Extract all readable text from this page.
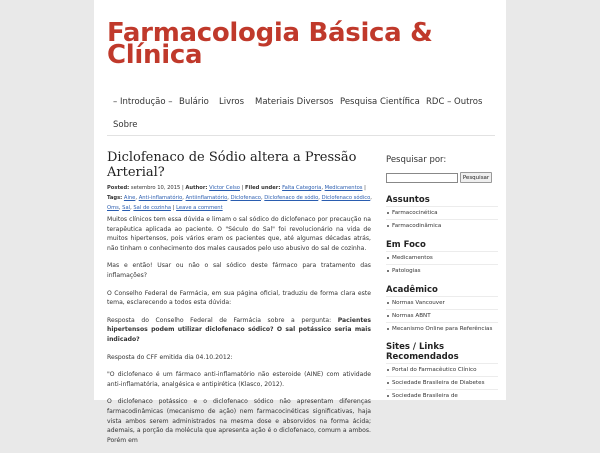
Farmacologia Básica &
Clínica
– Introdução – Bulário Livros Materiais Diversos Pesquisa Científica RDC – Outros
Sobre
Diclofenaco de Sódio altera a Pressão Arterial?
Posted: setembro 10, 2015 | Author: Victor Celso | Filed under: Falta Categoria, Medicamentos | Tags: Aine, Anti-inflamatório, Antiinflamatório, Diclofenaco, Diclofenaco de sódio, Diclofenaco sódico, Oms, Sal, Sal de cozinha | Leave a comment

Muitos clínicos tem essa dúvida e limam o sal sódico do diclofenaco por precaução na terapêutica aplicada ao paciente. O "Século do Sal" foi revolucionário na vida de muitos hipertensos, pois vários eram os pacientes que, até algumas décadas atrás, não tinham o conhecimento dos males causados pelo uso abusivo do sal de cozinha.

Mas e então! Usar ou não o sal sódico deste fármaco para tratamento das inflamações?

O Conselho Federal de Farmácia, em sua página oficial, traduziu de forma clara este tema, esclarecendo a todos esta dúvida:

Resposta do Conselho Federal de Farmácia sobre a pergunta: Pacientes hipertensos podem utilizar diclofenaco sódico? O sal potássico seria mais indicado?

Resposta do CFF emitida dia 04.10.2012:

"O diclofenaco é um fármaco anti-inflamatório não esteroide (AINE) com atividade anti-inflamatória, analgésica e antipirética (Klasco, 2012).

O diclofenaco potássico e o diclofenaco sódico não apresentam diferenças farmacodinâmicas (mecanismo de ação) nem farmacocinéticas significativas, haja vista ambos serem administrados na mesma dose e absorvidos na forma ácida; ademais, a porção da molécula que apresenta ação é o diclofenaco, comum a ambos. Porém em

Pesquisar por:
Pesquisar
Assuntos
Farmacocinética
Farmacodinâmica
Em Foco
Medicamentos
Patologias
Acadêmico
Normas Vancouver
Normas ABNT
Mecanismo Online para Referências
Sites / Links
Recomendados
Portal do Farmacêutico Clínico
Sociedade Brasileira de Diabetes
Sociedade Brasileira de
